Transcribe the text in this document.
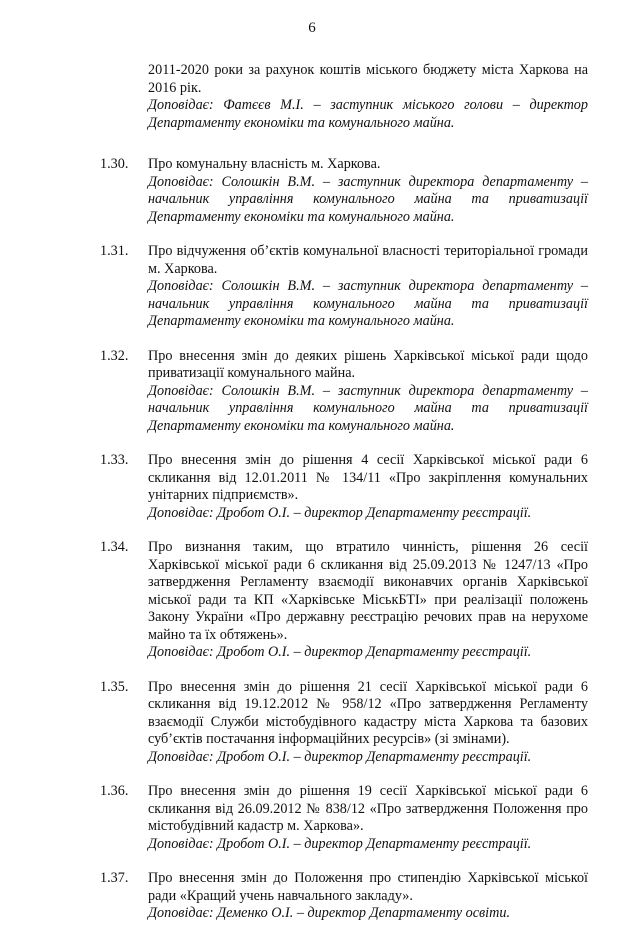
6
2011-2020 роки за рахунок коштів міського бюджету міста Харкова на 2016 рік.
Доповідає: Фатєєв М.І. – заступник міського голови – директор Департаменту економіки та комунального майна.
1.30. Про комунальну власність м. Харкова.
Доповідає: Солошкін В.М. – заступник директора департаменту – начальник управління комунального майна та приватизації Департаменту економіки та комунального майна.
1.31. Про відчуження об’єктів комунальної власності територіальної громади м. Харкова.
Доповідає: Солошкін В.М. – заступник директора департаменту – начальник управління комунального майна та приватизації Департаменту економіки та комунального майна.
1.32. Про внесення змін до деяких рішень Харківської міської ради щодо приватизації комунального майна.
Доповідає: Солошкін В.М. – заступник директора департаменту – начальник управління комунального майна та приватизації Департаменту економіки та комунального майна.
1.33. Про внесення змін до рішення 4 сесії Харківської міської ради 6 скликання від 12.01.2011 № 134/11 «Про закріплення комунальних унітарних підприємств».
Доповідає: Дробот О.І. – директор Департаменту реєстрації.
1.34. Про визнання таким, що втратило чинність, рішення 26 сесії Харківської міської ради 6 скликання від 25.09.2013 № 1247/13 «Про затвердження Регламенту взаємодії виконавчих органів Харківської міської ради та КП «Харківське МіськБТІ» при реалізації положень Закону України «Про державну реєстрацію речових прав на нерухоме майно та їх обтяжень».
Доповідає: Дробот О.І. – директор Департаменту реєстрації.
1.35. Про внесення змін до рішення 21 сесії Харківської міської ради 6 скликання від 19.12.2012 № 958/12 «Про затвердження Регламенту взаємодії Служби містобудівного кадастру міста Харкова та базових суб’єктів постачання інформаційних ресурсів» (зі змінами).
Доповідає: Дробот О.І. – директор Департаменту реєстрації.
1.36. Про внесення змін до рішення 19 сесії Харківської міської ради 6 скликання від 26.09.2012 № 838/12 «Про затвердження Положення про містобудівний кадастр м. Харкова».
Доповідає: Дробот О.І. – директор Департаменту реєстрації.
1.37. Про внесення змін до Положення про стипендію Харківської міської ради «Кращий учень навчального закладу».
Доповідає: Деменко О.І. – директор Департаменту освіти.
